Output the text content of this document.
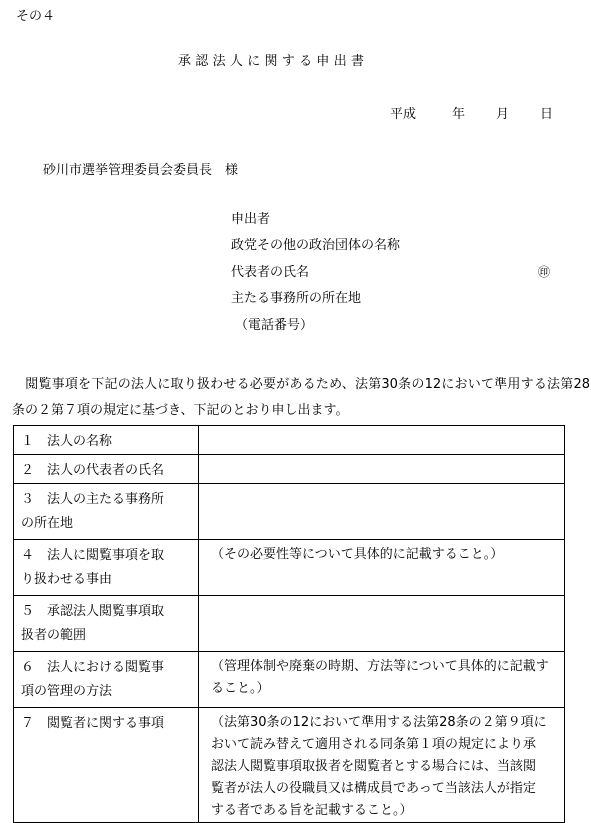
その４
承認法人に関する申出書
平成	年 月 日
砂川市選挙管理委員会委員長　様
申出者
政党その他の政治団体の名称
代表者の氏名
主たる事務所の所在地
（電話番号）
㊞
　閲覧事項を下記の法人に取り扱わせる必要があるため、法第30条の12において準用する法第28条の２第７項の規定に基づき、下記のとおり申し出ます。
１　法人の名称	
２　法人の代表者の氏名	
３　法人の主たる事務所
の所在地	
４　法人に閲覧事項を取
り扱わせる事由	（その必要性等について具体的に記載すること。）
５　承認法人閲覧事項取
扱者の範囲	
６　法人における閲覧事
項の管理の方法	（管理体制や廃棄の時期、方法等について具体的に記載すること。）
７　閲覧者に関する事項	（法第30条の12において準用する法第28条の２第９項に
おいて読み替えて適用される同条第１項の規定により承
認法人閲覧事項取扱者を閲覧者とする場合には、当該閲
覧者が法人の役職員又は構成員であって当該法人が指定
する者である旨を記載すること。）
